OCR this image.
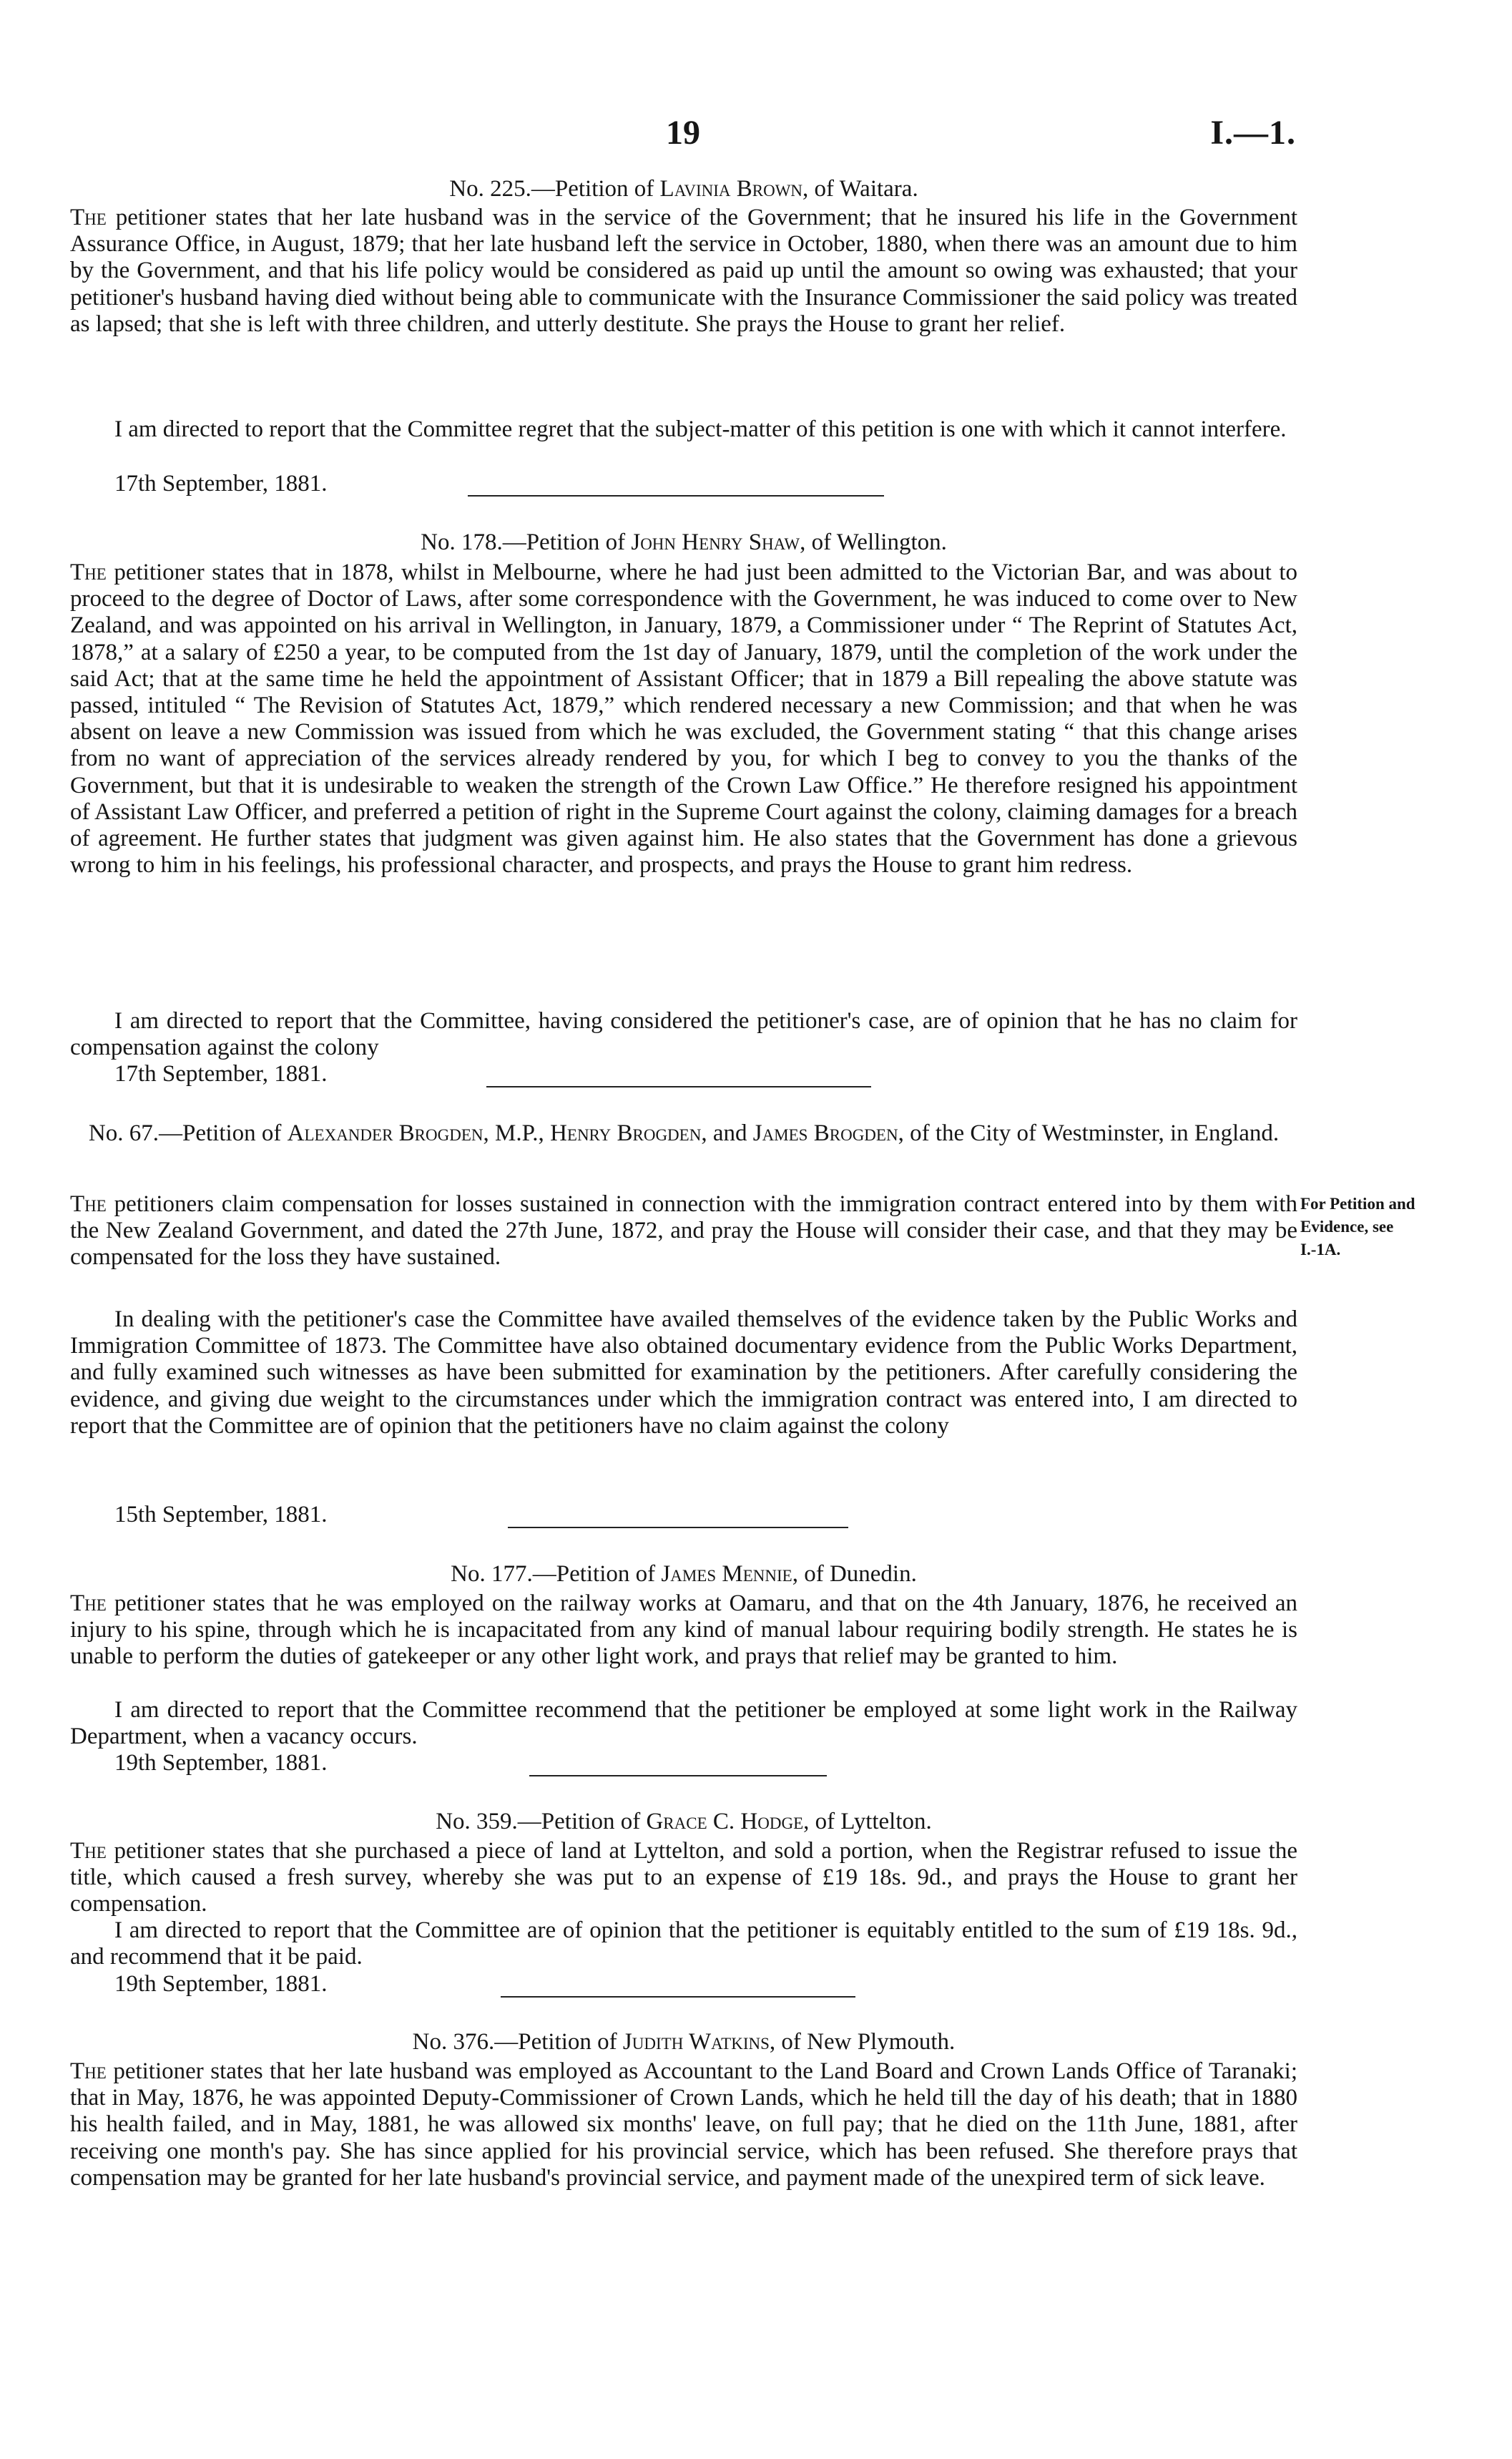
19	I.—1.
No. 225.—Petition of Lavinia Brown, of Waitara.
The petitioner states that her late husband was in the service of the Government; that he insured his life in the Government Assurance Office, in August, 1879; that her late husband left the service in October, 1880, when there was an amount due to him by the Government, and that his life policy would be considered as paid up until the amount so owing was exhausted; that your petitioner's husband having died without being able to communicate with the Insurance Commissioner the said policy was treated as lapsed; that she is left with three children, and utterly destitute. She prays the House to grant her relief.
I am directed to report that the Committee regret that the subject-matter of this petition is one with which it cannot interfere.
17th September, 1881.
No. 178.—Petition of John Henry Shaw, of Wellington.
The petitioner states that in 1878, whilst in Melbourne, where he had just been admitted to the Victorian Bar, and was about to proceed to the degree of Doctor of Laws, after some correspondence with the Government, he was induced to come over to New Zealand, and was appointed on his arrival in Wellington, in January, 1879, a Commissioner under “ The Reprint of Statutes Act, 1878,” at a salary of £250 a year, to be computed from the 1st day of January, 1879, until the completion of the work under the said Act; that at the same time he held the appointment of Assistant Officer; that in 1879 a Bill repealing the above statute was passed, intituled “ The Revision of Statutes Act, 1879,” which rendered necessary a new Commission; and that when he was absent on leave a new Commission was issued from which he was excluded, the Government stating “ that this change arises from no want of appreciation of the services already rendered by you, for which I beg to convey to you the thanks of the Government, but that it is undesirable to weaken the strength of the Crown Law Office.” He therefore resigned his appointment of Assistant Law Officer, and preferred a petition of right in the Supreme Court against the colony, claiming damages for a breach of agreement. He further states that judgment was given against him. He also states that the Government has done a grievous wrong to him in his feelings, his professional character, and prospects, and prays the House to grant him redress.
I am directed to report that the Committee, having considered the petitioner's case, are of opinion that he has no claim for compensation against the colony
17th September, 1881.
No. 67.—Petition of Alexander Brogden, M.P., Henry Brogden, and James Brogden, of the City of Westminster, in England.
The petitioners claim compensation for losses sustained in connection with the immigration contract entered into by them with the New Zealand Government, and dated the 27th June, 1872, and pray the House will consider their case, and that they may be compensated for the loss they have sustained.
In dealing with the petitioner's case the Committee have availed themselves of the evidence taken by the Public Works and Immigration Committee of 1873. The Committee have also obtained documentary evidence from the Public Works Department, and fully examined such witnesses as have been submitted for examination by the petitioners. After carefully considering the evidence, and giving due weight to the circumstances under which the immigration contract was entered into, I am directed to report that the Committee are of opinion that the petitioners have no claim against the colony
15th September, 1881.
No. 177.—Petition of James Mennie, of Dunedin.
The petitioner states that he was employed on the railway works at Oamaru, and that on the 4th January, 1876, he received an injury to his spine, through which he is incapacitated from any kind of manual labour requiring bodily strength. He states he is unable to perform the duties of gatekeeper or any other light work, and prays that relief may be granted to him.
I am directed to report that the Committee recommend that the petitioner be employed at some light work in the Railway Department, when a vacancy occurs.
19th September, 1881.
No. 359.—Petition of Grace C. Hodge, of Lyttelton.
The petitioner states that she purchased a piece of land at Lyttelton, and sold a portion, when the Registrar refused to issue the title, which caused a fresh survey, whereby she was put to an expense of £19 18s. 9d., and prays the House to grant her compensation.
I am directed to report that the Committee are of opinion that the petitioner is equitably entitled to the sum of £19 18s. 9d., and recommend that it be paid.
19th September, 1881.
No. 376.—Petition of Judith Watkins, of New Plymouth.
The petitioner states that her late husband was employed as Accountant to the Land Board and Crown Lands Office of Taranaki; that in May, 1876, he was appointed Deputy-Commissioner of Crown Lands, which he held till the day of his death; that in 1880 his health failed, and in May, 1881, he was allowed six months' leave, on full pay; that he died on the 11th June, 1881, after receiving one month's pay. She has since applied for his provincial service, which has been refused. She therefore prays that compensation may be granted for her late husband's provincial service, and payment made of the unexpired term of sick leave.
For Petition and
Evidence, see
I.-1A.
